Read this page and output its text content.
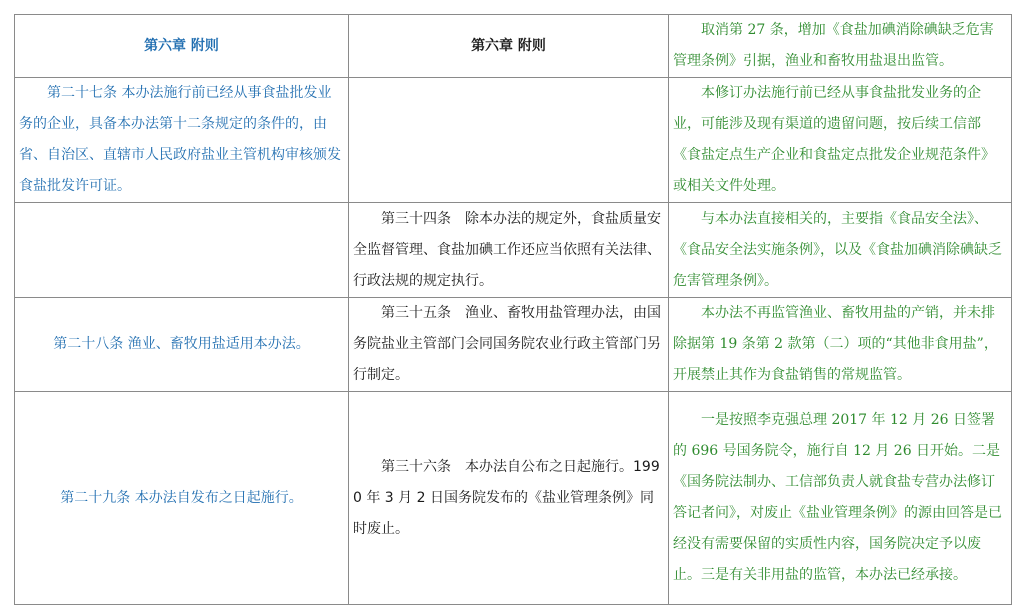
第六章 附则	第六章 附则	取消第 27 条，增加《食盐加碘消除碘缺乏危害管理条例》引据，渔业和畜牧用盐退出监管。
第二十七条 本办法施行前已经从事食盐批发业务的企业，具备本办法第十二条规定的条件的，由省、自治区、直辖市人民政府盐业主管机构审核颁发食盐批发许可证。		本修订办法施行前已经从事食盐批发业务的企业，可能涉及现有渠道的遗留问题，按后续工信部《食盐定点生产企业和食盐定点批发企业规范条件》或相关文件处理。
	第三十四条　除本办法的规定外，食盐质量安全监督管理、食盐加碘工作还应当依照有关法律、行政法规的规定执行。	与本办法直接相关的，主要指《食品安全法》、《食品安全法实施条例》，以及《食盐加碘消除碘缺乏危害管理条例》。
第二十八条 渔业、畜牧用盐适用本办法。	第三十五条　渔业、畜牧用盐管理办法，由国务院盐业主管部门会同国务院农业行政主管部门另行制定。	本办法不再监管渔业、畜牧用盐的产销，并未排除据第 19 条第 2 款第（二）项的“其他非食用盐”，开展禁止其作为食盐销售的常规监管。
第二十九条 本办法自发布之日起施行。	第三十六条　本办法自公布之日起施行。1990 年 3 月 2 日国务院发布的《盐业管理条例》同时废止。	一是按照李克强总理 2017 年 12 月 26 日签署的 696 号国务院令，施行自 12 月 26 日开始。二是《国务院法制办、工信部负责人就食盐专营办法修订答记者问》，对废止《盐业管理条例》的源由回答是已经没有需要保留的实质性内容，国务院决定予以废止。三是有关非用盐的监管，本办法已经承接。
